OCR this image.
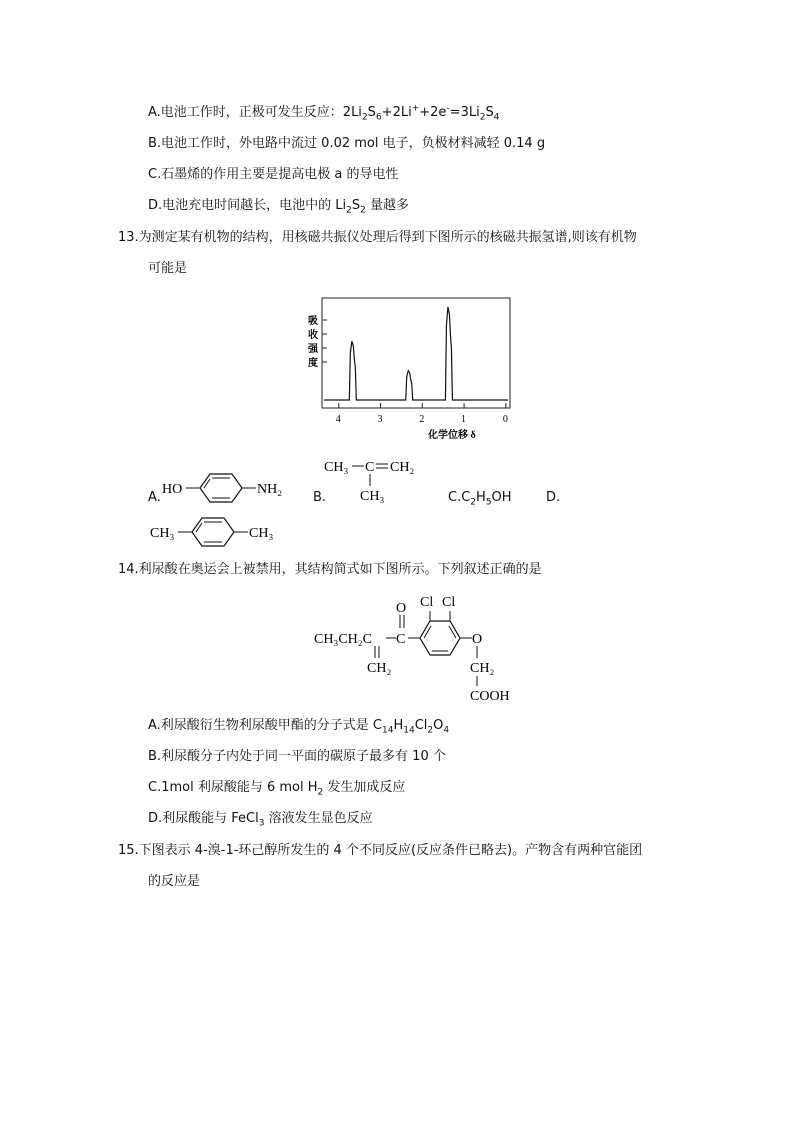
A.电池工作时，正极可发生反应：$2Li_2S_6+2Li^++2e^-=3Li_2S_4$
B.电池工作时，外电路中流过 0.02 mol 电子，负极材料减轻 0.14 g
C.石墨烯的作用主要是提高电极 a 的导电性
D.电池充电时间越长，电池中的 $Li_2S_2$ 量越多
13.为测定某有机物的结构，用核磁共振仪处理后得到下图所示的核磁共振氢谱,则该有机物
可能是
吸
收
强
度
4	3	2	1	0
化学位移 δ
A.
HO	NH₂
B.
CH₃ C CH₂
CH₃	$C.C_2H_5OH$	D.
CH₃	CH₃
14.利尿酸在奥运会上被禁用，其结构简式如下图所示。下列叙述正确的是
CH₃CH₂C C
O
CH₂
Cl Cl
O
CH₂
COOH
A.利尿酸衍生物利尿酸甲酯的分子式是 $C_{14}H_{14}Cl_2O_4$
B.利尿酸分子内处于同一平面的碳原子最多有 10 个
C.1mol 利尿酸能与 6 mol $H_2$ 发生加成反应
D.利尿酸能与 FeCl$_3$ 溶液发生显色反应
15.下图表示 4-溴-1-环己醇所发生的 4 个不同反应(反应条件已略去)。产物含有两种官能团
的反应是
